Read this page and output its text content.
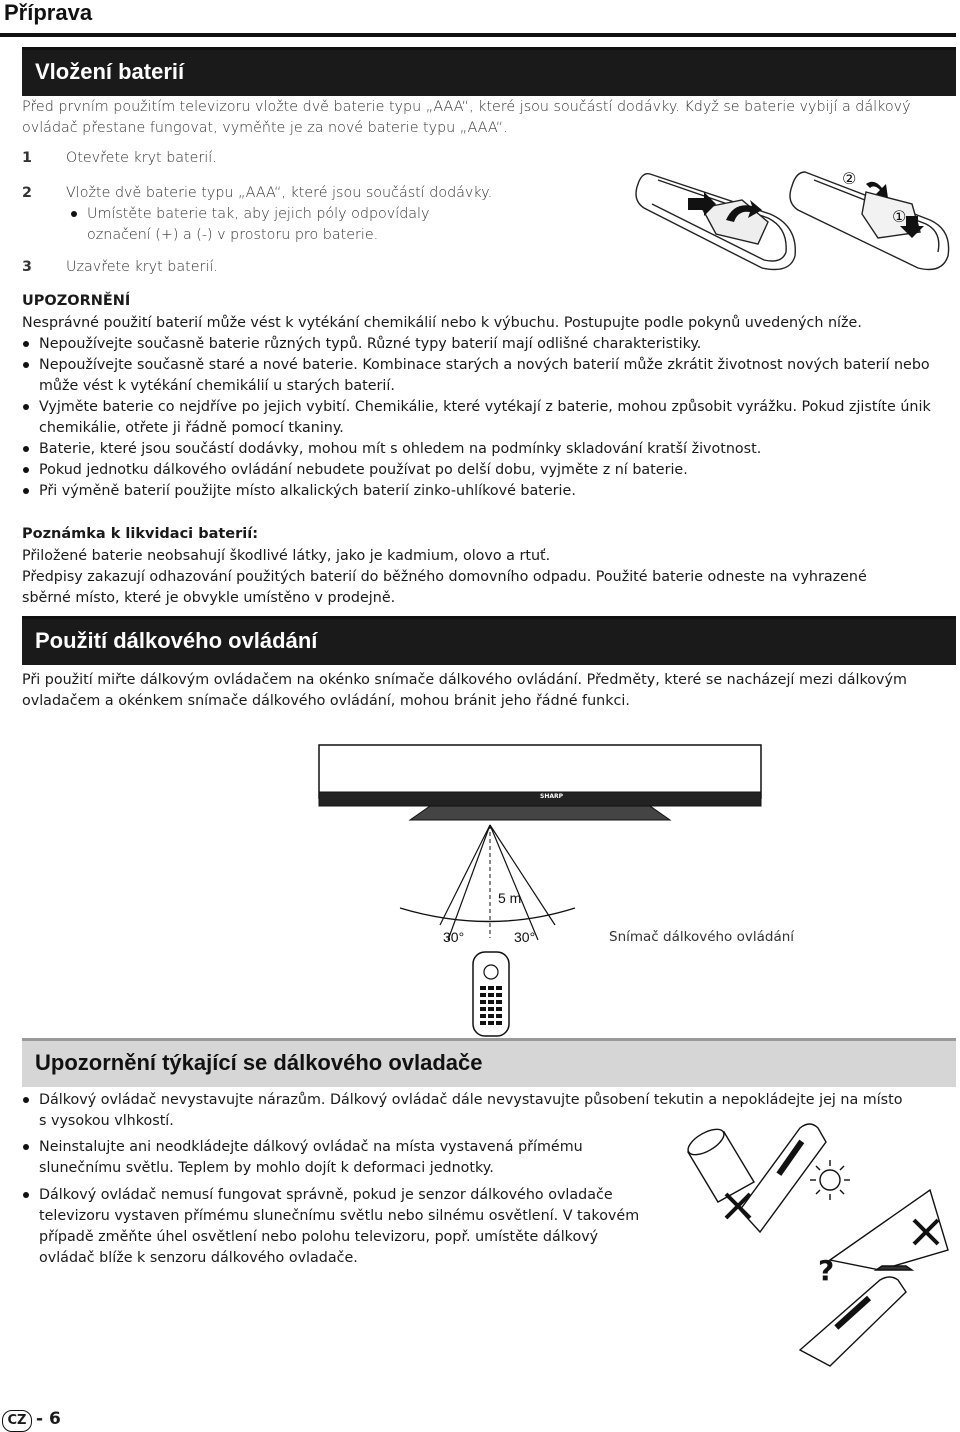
Příprava
Vložení baterií
Před prvním použitím televizoru vložte dvě baterie typu „AAA“, které jsou součástí dodávky. Když se baterie vybijí a dálkový
ovládač přestane fungovat, vyměňte je za nové baterie typu „AAA“.
1 Otevřete kryt baterií.
2 Vložte dvě baterie typu „AAA“, které jsou součástí dodávky.
Umístěte baterie tak, aby jejich póly odpovídaly
označení (+) a (-) v prostoru pro baterie.
3 Uzavřete kryt baterií.
②
①
UPOZORNĚNÍ
Nesprávné použití baterií může vést k vytékání chemikálií nebo k výbuchu. Postupujte podle pokynů uvedených níže.
Nepoužívejte současně baterie různých typů. Různé typy baterií mají odlišné charakteristiky.
Nepoužívejte současně staré a nové baterie. Kombinace starých a nových baterií může zkrátit životnost nových baterií nebo
může vést k vytékání chemikálií u starých baterií.
Vyjměte baterie co nejdříve po jejich vybití. Chemikálie, které vytékají z baterie, mohou způsobit vyrážku. Pokud zjistíte únik
chemikálie, otřete ji řádně pomocí tkaniny.
Baterie, které jsou součástí dodávky, mohou mít s ohledem na podmínky skladování kratší životnost.
Pokud jednotku dálkového ovládání nebudete používat po delší dobu, vyjměte z ní baterie.
Při výměně baterií použijte místo alkalických baterií zinko-uhlíkové baterie.
Poznámka k likvidaci baterií:
Přiložené baterie neobsahují škodlivé látky, jako je kadmium, olovo a rtuť.
Předpisy zakazují odhazování použitých baterií do běžného domovního odpadu. Použité baterie odneste na vyhrazené
sběrné místo, které je obvykle umístěno v prodejně.
Použití dálkového ovládání
Při použití miřte dálkovým ovládačem na okénko snímače dálkového ovládání. Předměty, které se nacházejí mezi dálkovým
ovladačem a okénkem snímače dálkového ovládání, mohou bránit jeho řádné funkci.
SHARP
5 m
30°	30°	Snímač dálkového ovládání
Upozornění týkající se dálkového ovladače
Dálkový ovládač nevystavujte nárazům. Dálkový ovládač dále nevystavujte působení tekutin a nepokládejte jej na místo
s vysokou vlhkostí.
Neinstalujte ani neodkládejte dálkový ovládač na místa vystavená přímému
slunečnímu světlu. Teplem by mohlo dojít k deformaci jednotky.
Dálkový ovládač nemusí fungovat správně, pokud je senzor dálkového ovladače
televizoru vystaven přímému slunečnímu světlu nebo silnému osvětlení. V takovém
případě změňte úhel osvětlení nebo polohu televizoru, popř. umístěte dálkový
ovládač blíže k senzoru dálkového ovladače.	?
CZ - 6
